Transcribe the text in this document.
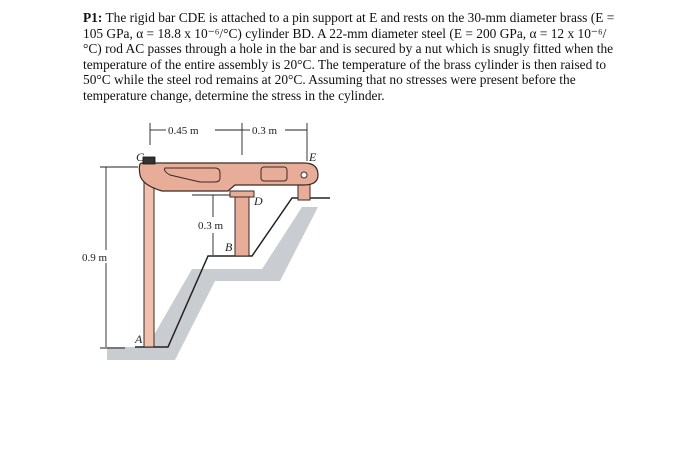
P1: The rigid bar CDE is attached to a pin support at E and rests on the 30-mm diameter brass (E = 105 GPa, α = 18.8 x 10⁻⁶/°C) cylinder BD. A 22-mm diameter steel (E = 200 GPa, α = 12 x 10⁻⁶/°C) rod AC passes through a hole in the bar and is secured by a nut which is snugly fitted when the temperature of the entire assembly is 20°C. The temperature of the brass cylinder is then raised to 50°C while the steel rod remains at 20°C. Assuming that no stresses were present before the temperature change, determine the stress in the cylinder.
0.45 m	0.3 m
0.9 m
0.3 m
C	E
D
B
A
